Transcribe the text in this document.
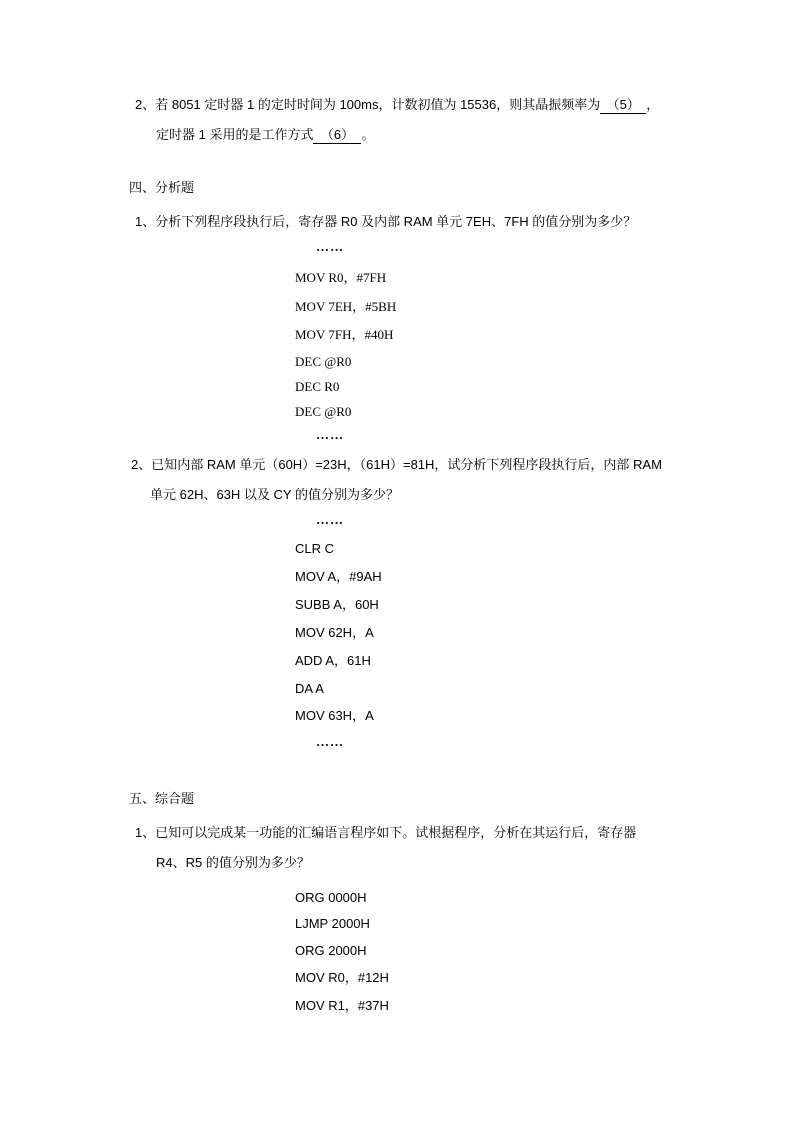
2、若 8051 定时器 1 的定时时间为 100ms，计数初值为 15536，则其晶振频率为 （5） ，
定时器 1 采用的是工作方式 （6） 。
四、分析题
1、分析下列程序段执行后，寄存器 R0 及内部 RAM 单元 7EH、7FH 的值分别为多少？
……
MOV R0，#7FH
MOV 7EH，#5BH
MOV 7FH，#40H
DEC @R0
DEC R0
DEC @R0
……
2、已知内部 RAM 单元（60H）=23H，（61H）=81H，试分析下列程序段执行后，内部 RAM
单元 62H、63H 以及 CY 的值分别为多少？
……
CLR C
MOV A，#9AH
SUBB A，60H
MOV 62H，A
ADD A，61H
DA A
MOV 63H，A
……
五、综合题
1、已知可以完成某一功能的汇编语言程序如下。试根据程序，分析在其运行后，寄存器
R4、R5 的值分别为多少？
ORG 0000H
LJMP 2000H
ORG 2000H
MOV R0，#12H
MOV R1，#37H
